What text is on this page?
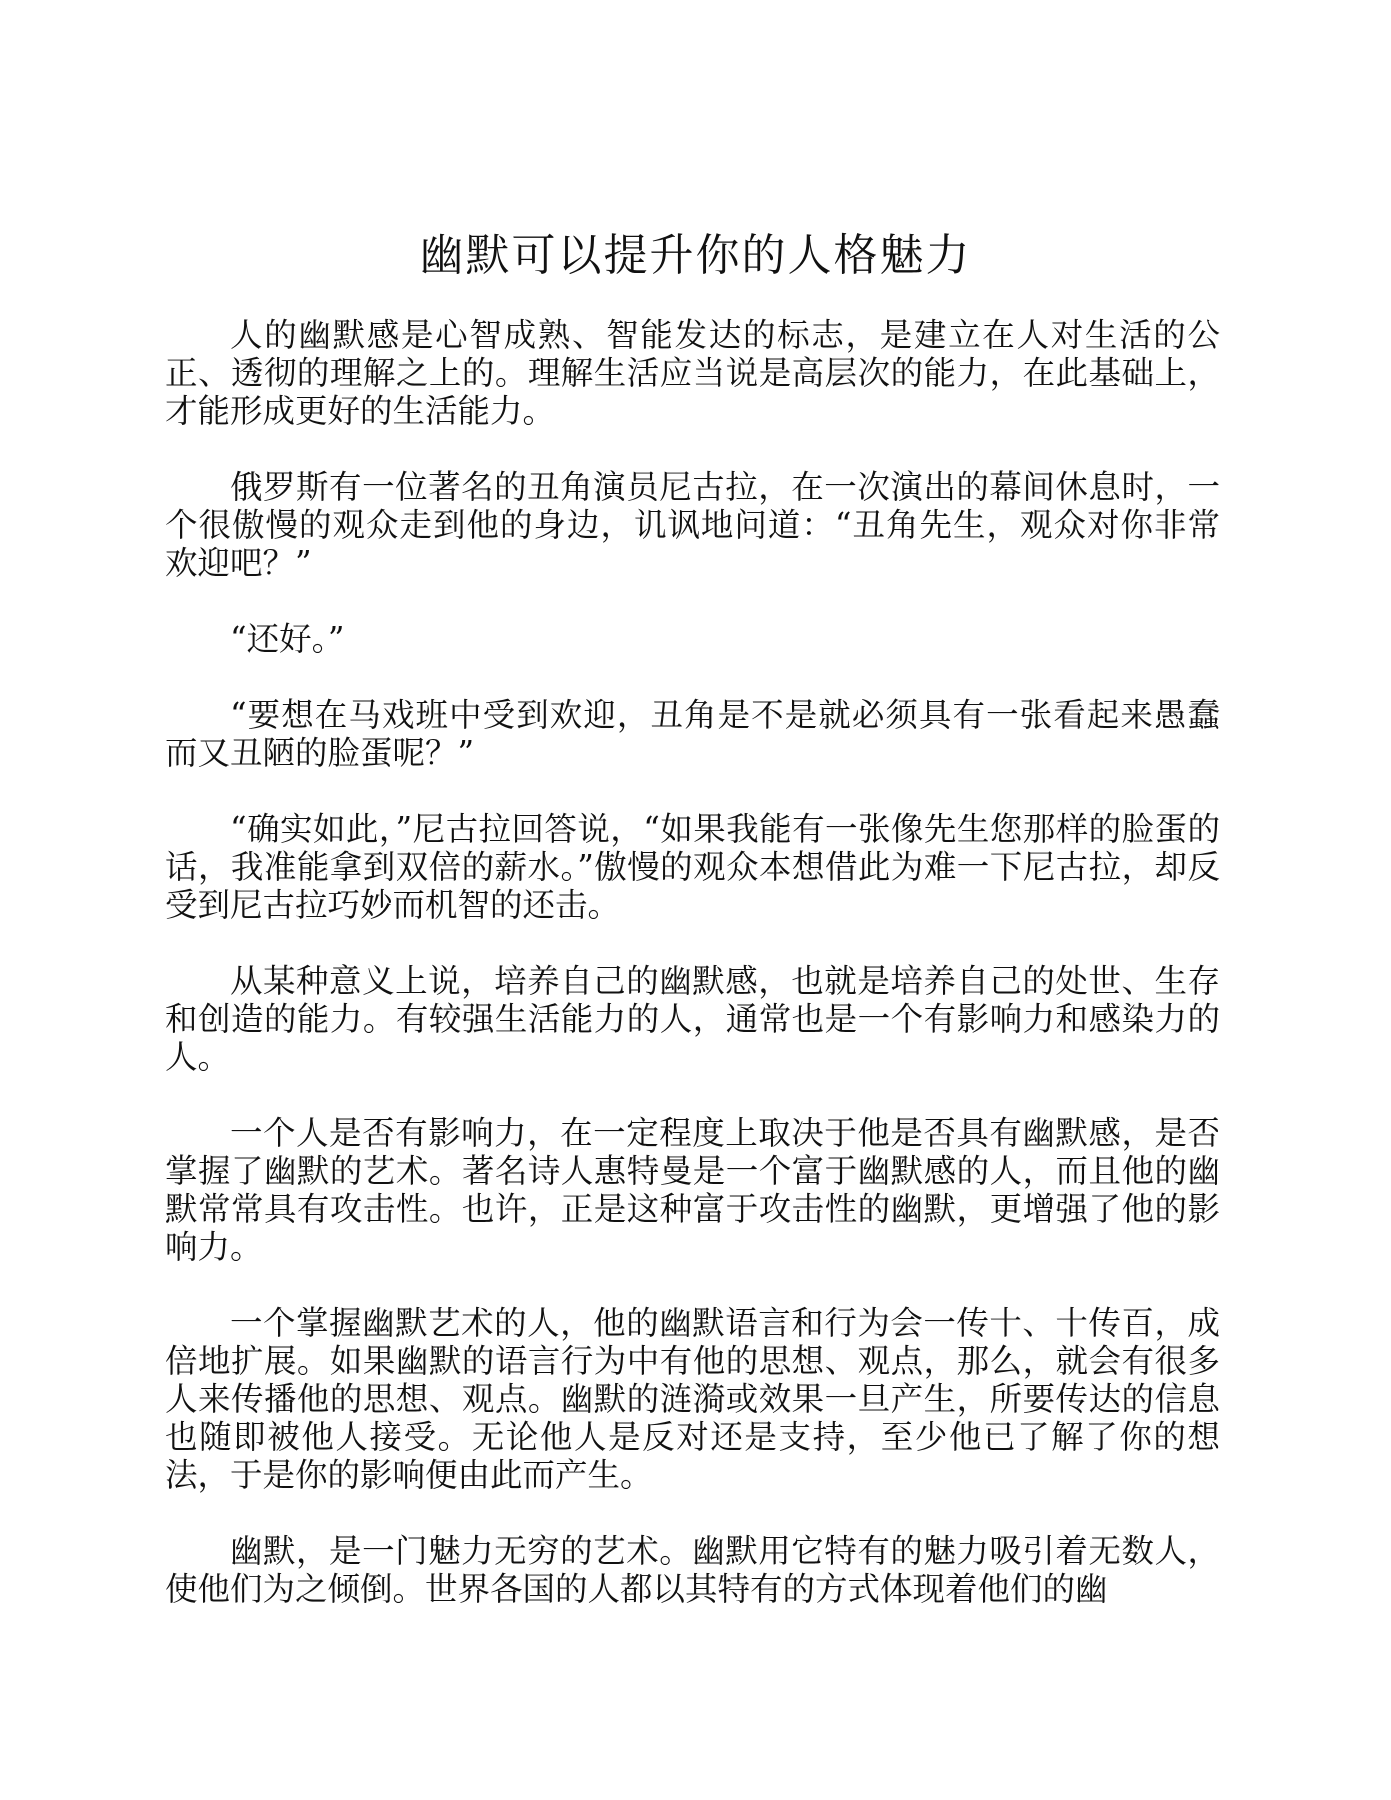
幽默可以提升你的人格魅力

人的幽默感是心智成熟、智能发达的标志，是建立在人对生活的公正、透彻的理解之上的。理解生活应当说是高层次的能力，在此基础上，才能形成更好的生活能力。

俄罗斯有一位著名的丑角演员尼古拉，在一次演出的幕间休息时，一个很傲慢的观众走到他的身边，讥讽地问道：“丑角先生，观众对你非常欢迎吧？”

“还好。”

“要想在马戏班中受到欢迎，丑角是不是就必须具有一张看起来愚蠢而又丑陋的脸蛋呢？”

“确实如此，”尼古拉回答说，“如果我能有一张像先生您那样的脸蛋的话，我准能拿到双倍的薪水。”傲慢的观众本想借此为难一下尼古拉，却反受到尼古拉巧妙而机智的还击。

从某种意义上说，培养自己的幽默感，也就是培养自己的处世、生存和创造的能力。有较强生活能力的人，通常也是一个有影响力和感染力的人。

一个人是否有影响力，在一定程度上取决于他是否具有幽默感，是否掌握了幽默的艺术。著名诗人惠特曼是一个富于幽默感的人，而且他的幽默常常具有攻击性。也许，正是这种富于攻击性的幽默，更增强了他的影响力。

一个掌握幽默艺术的人，他的幽默语言和行为会一传十、十传百，成倍地扩展。如果幽默的语言行为中有他的思想、观点，那么，就会有很多人来传播他的思想、观点。幽默的涟漪或效果一旦产生，所要传达的信息也随即被他人接受。无论他人是反对还是支持，至少他已了解了你的想法，于是你的影响便由此而产生。

幽默，是一门魅力无穷的艺术。幽默用它特有的魅力吸引着无数人，使他们为之倾倒。世界各国的人都以其特有的方式体现着他们的幽
